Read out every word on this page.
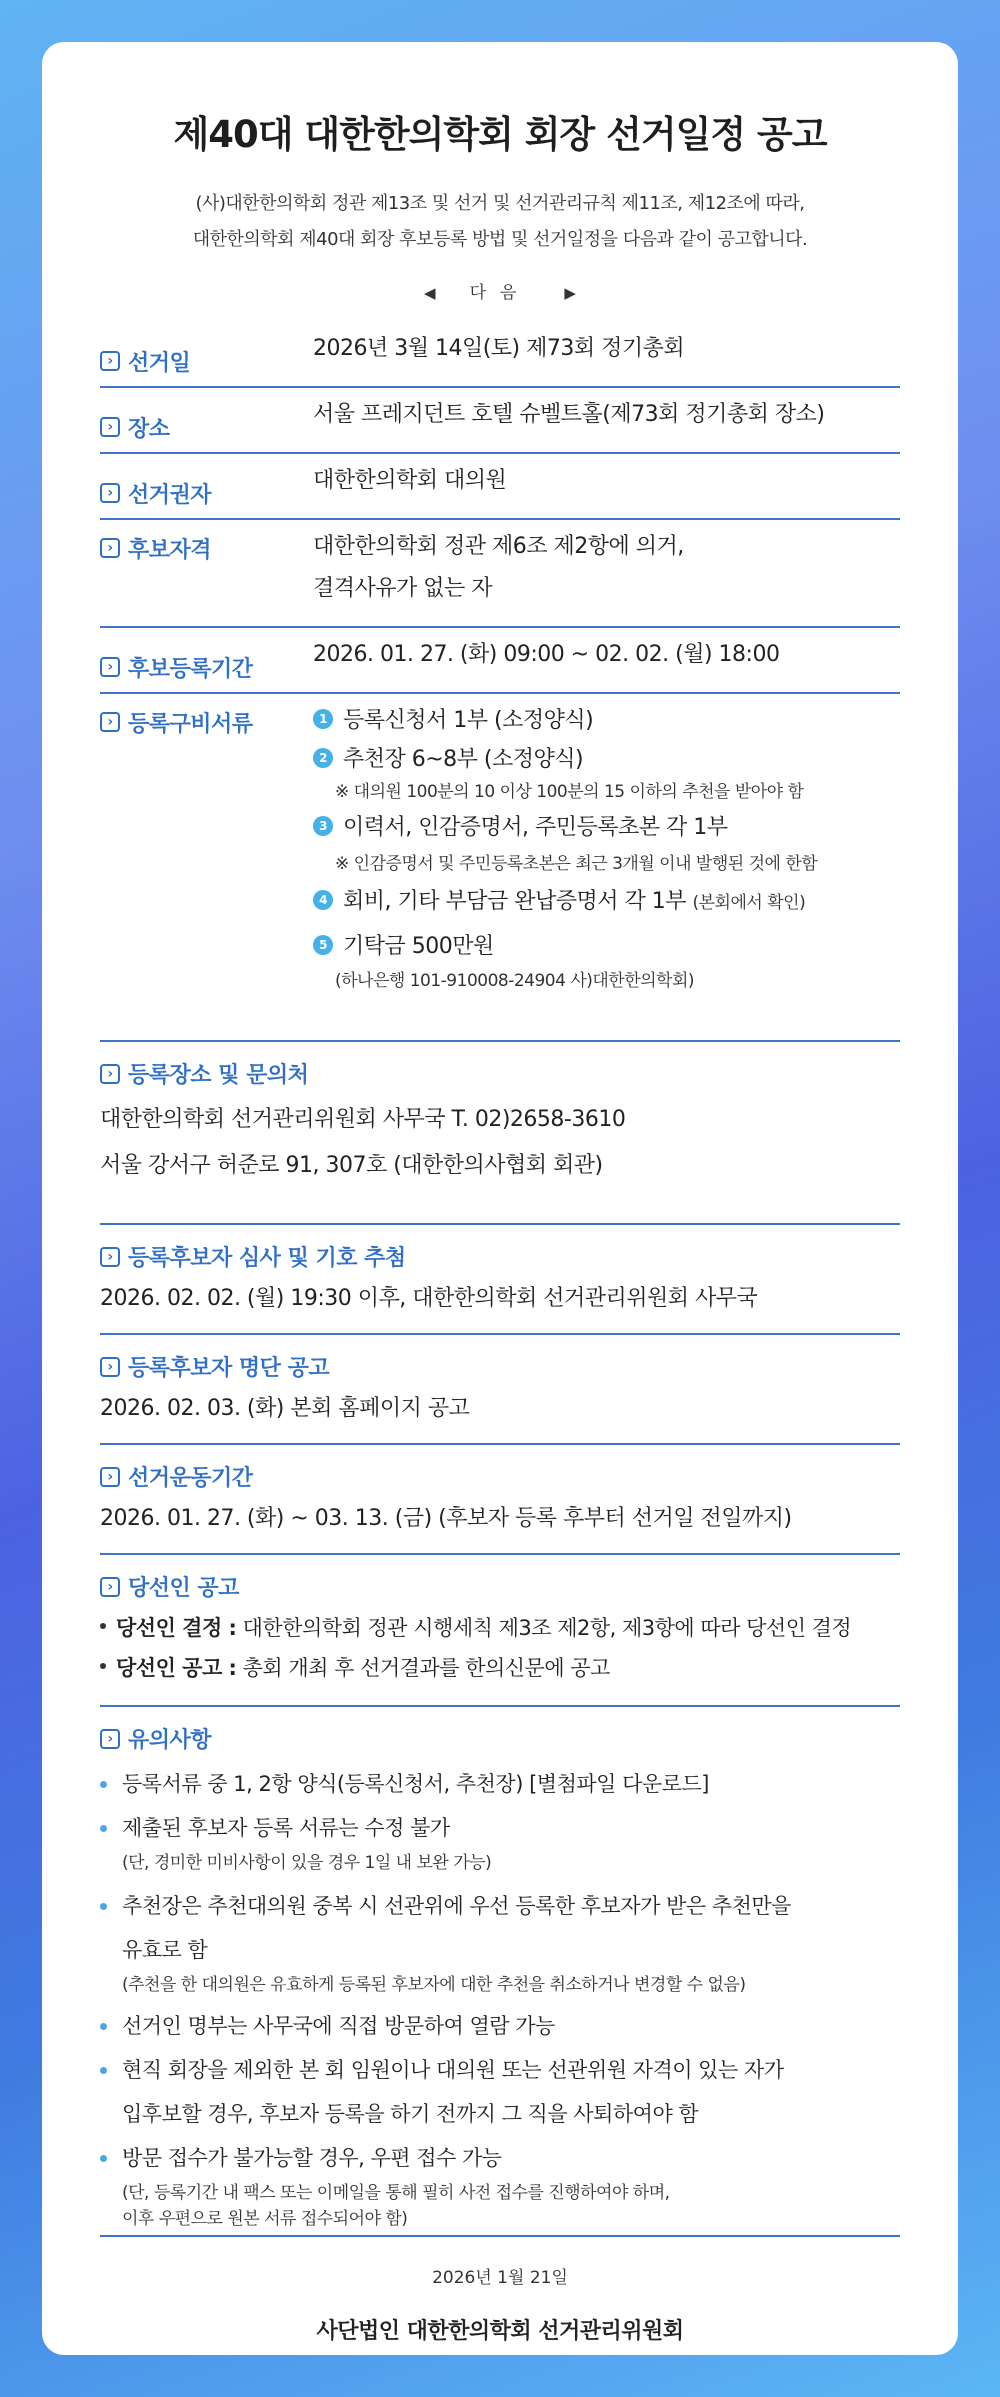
제40대 대한한의학회 회장 선거일정 공고
(사)대한한의학회 정관 제13조 및 선거 및 선거관리규칙 제11조, 제12조에 따라,
대한한의학회 제40대 회장 후보등록 방법 및 선거일정을 다음과 같이 공고합니다.
◀ 다음 ▶
› 선거일
2026년 3월 14일(토) 제73회 정기총회
› 장소
서울 프레지던트 호텔 슈벨트홀(제73회 정기총회 장소)
› 선거권자
대한한의학회 대의원
› 후보자격	대한한의학회 정관 제6조 제2항에 의거,
결격사유가 없는 자
› 후보등록기간
2026. 01. 27. (화) 09:00 ~ 02. 02. (월) 18:00
› 등록구비서류	1 등록신청서 1부 (소정양식)
2 추천장 6~8부 (소정양식)
※ 대의원 100분의 10 이상 100분의 15 이하의 추천을 받아야 함
3 이력서, 인감증명서, 주민등록초본 각 1부
※ 인감증명서 및 주민등록초본은 최근 3개월 이내 발행된 것에 한함
4 회비, 기타 부담금 완납증명서 각 1부 (본회에서 확인)
5 기탁금 500만원
(하나은행 101-910008-24904 사)대한한의학회)
› 등록장소 및 문의처
대한한의학회 선거관리위원회 사무국 T. 02)2658-3610
서울 강서구 허준로 91, 307호 (대한한의사협회 회관)
› 등록후보자 심사 및 기호 추첨
2026. 02. 02. (월) 19:30 이후, 대한한의학회 선거관리위원회 사무국
› 등록후보자 명단 공고
2026. 02. 03. (화) 본회 홈페이지 공고
› 선거운동기간
2026. 01. 27. (화) ~ 03. 13. (금) (후보자 등록 후부터 선거일 전일까지)
› 당선인 공고
당선인 결정 : 대한한의학회 정관 시행세칙 제3조 제2항, 제3항에 따라 당선인 결정
당선인 공고 : 총회 개최 후 선거결과를 한의신문에 공고
› 유의사항
등록서류 중 1, 2항 양식(등록신청서, 추천장) [별첨파일 다운로드]
제출된 후보자 등록 서류는 수정 불가
(단, 경미한 미비사항이 있을 경우 1일 내 보완 가능)
추천장은 추천대의원 중복 시 선관위에 우선 등록한 후보자가 받은 추천만을
유효로 함
(추천을 한 대의원은 유효하게 등록된 후보자에 대한 추천을 취소하거나 변경할 수 없음)
선거인 명부는 사무국에 직접 방문하여 열람 가능
현직 회장을 제외한 본 회 임원이나 대의원 또는 선관위원 자격이 있는 자가
입후보할 경우, 후보자 등록을 하기 전까지 그 직을 사퇴하여야 함
방문 접수가 불가능할 경우, 우편 접수 가능
(단, 등록기간 내 팩스 또는 이메일을 통해 필히 사전 접수를 진행하여야 하며,
이후 우편으로 원본 서류 접수되어야 함)
2026년 1월 21일
사단법인 대한한의학회 선거관리위원회
